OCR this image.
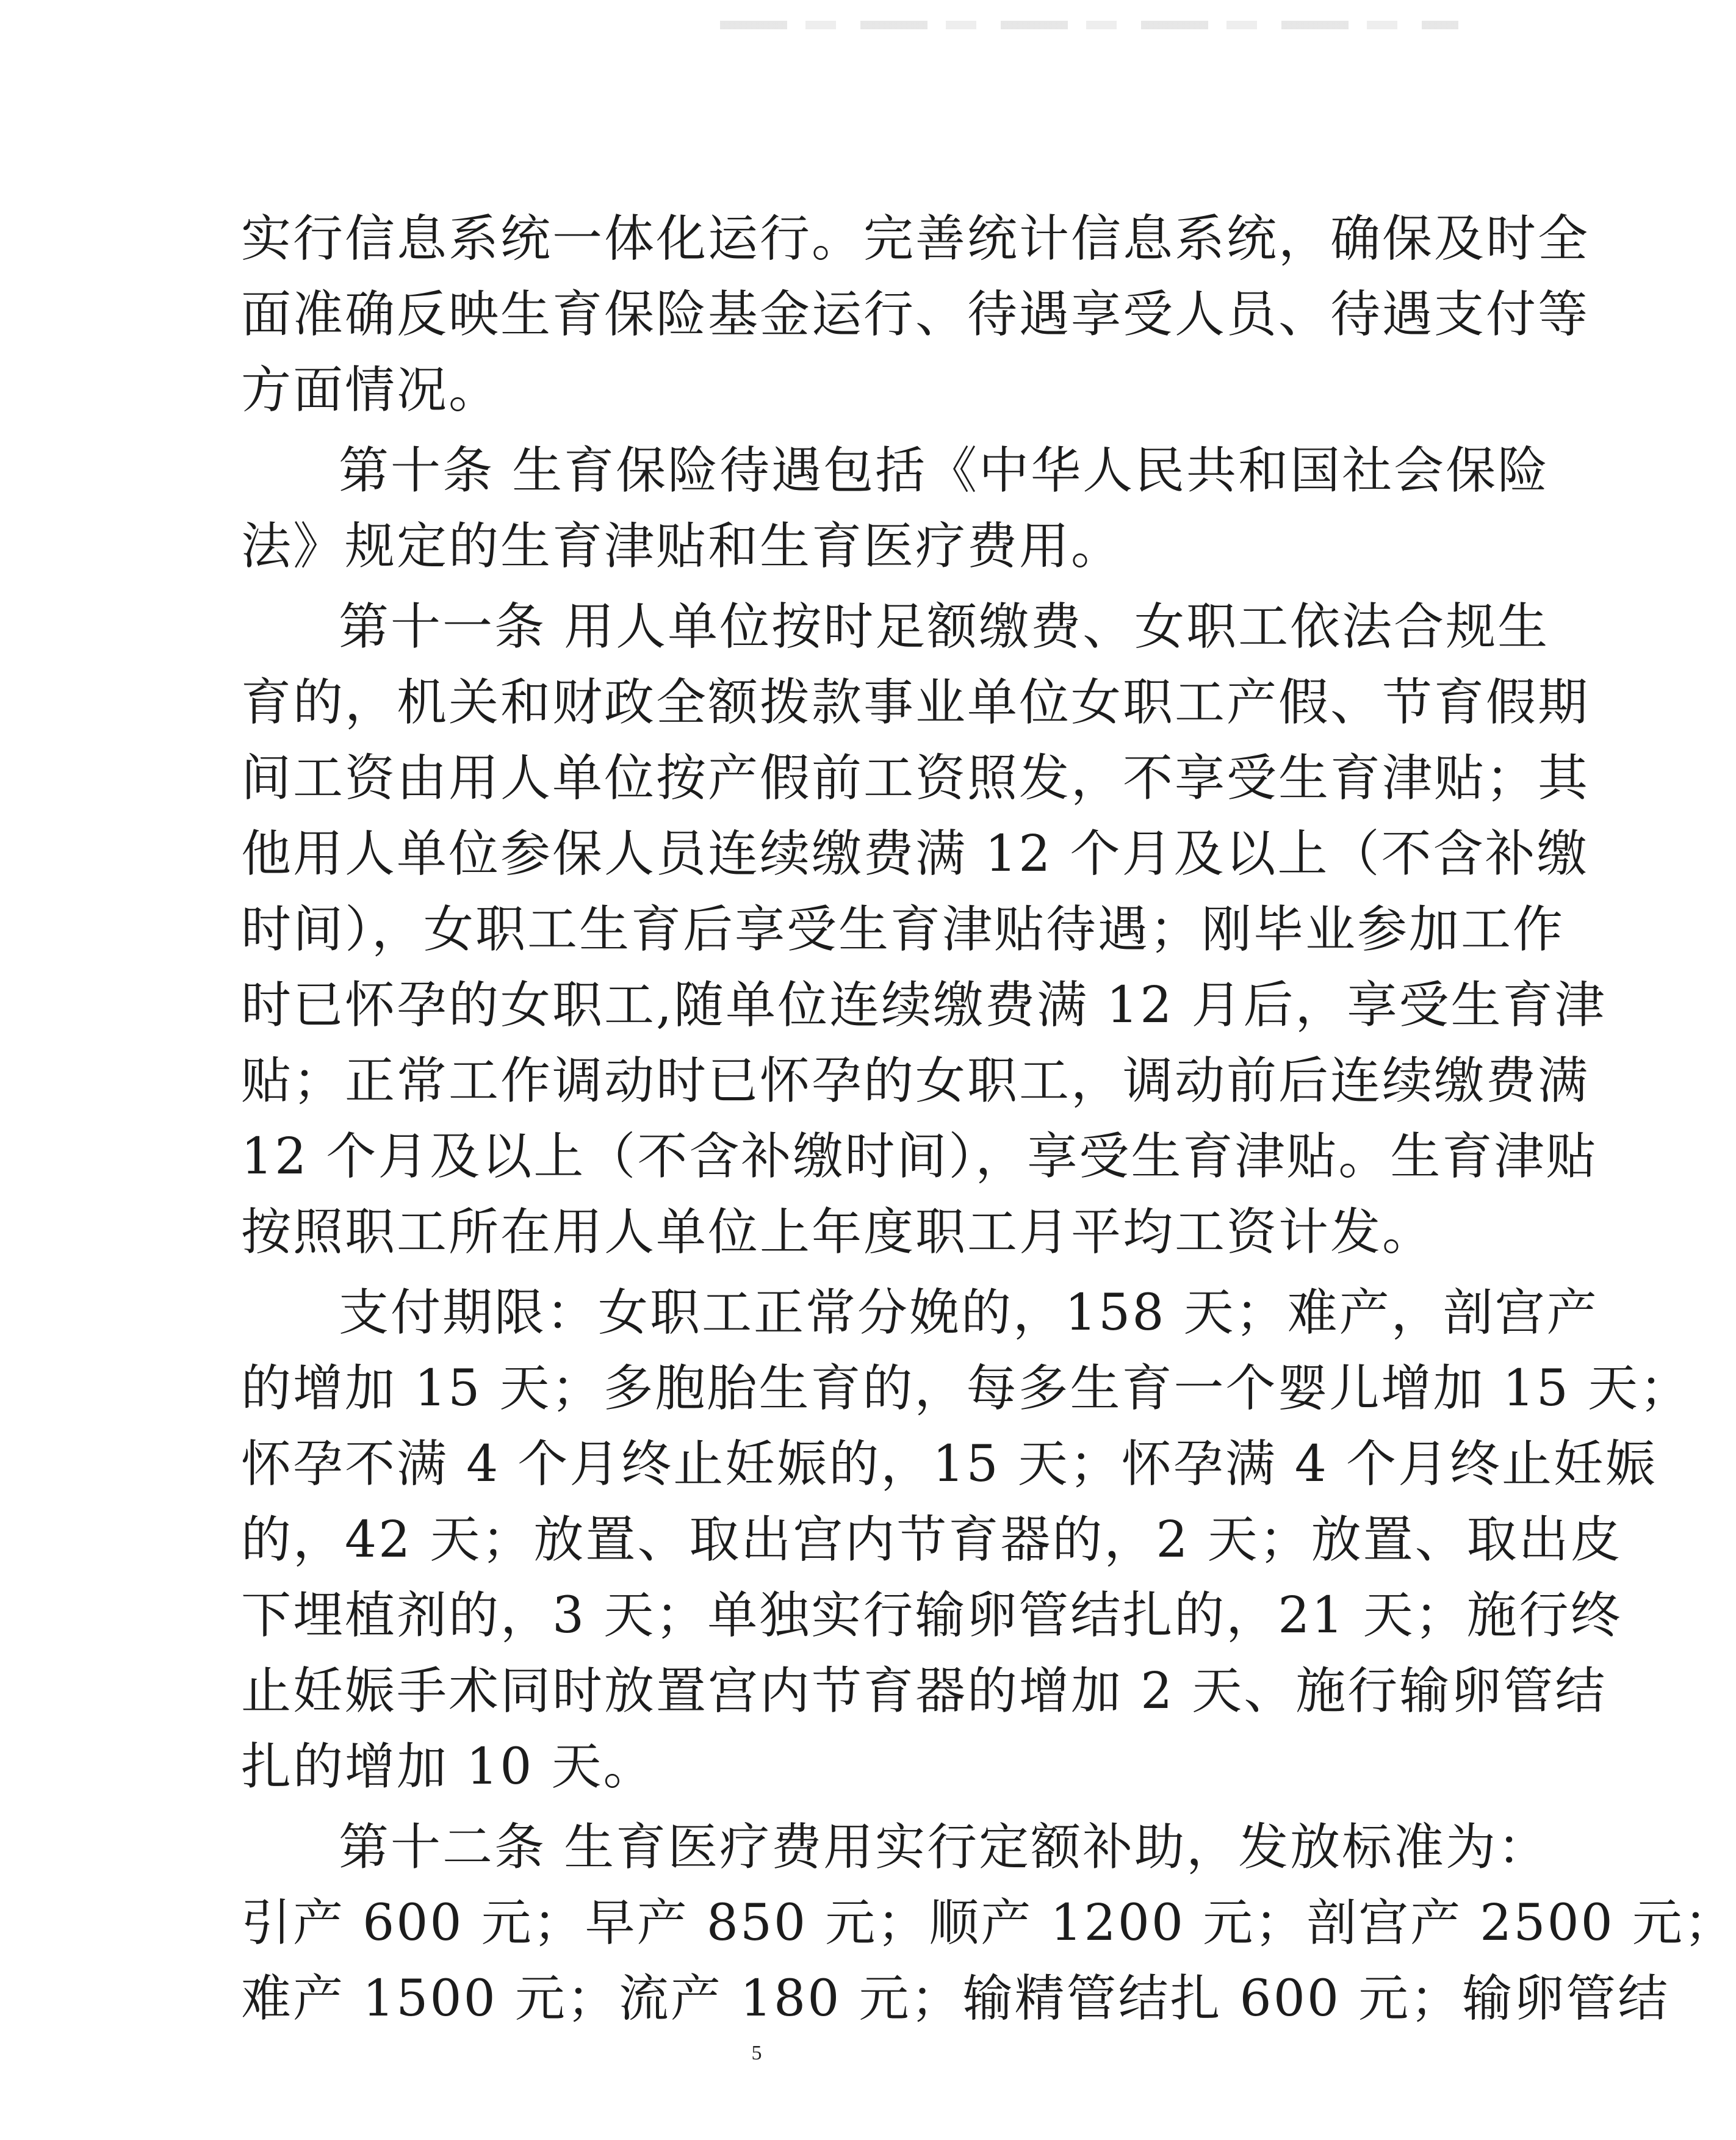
实行信息系统一体化运行。完善统计信息系统，确保及时全
面准确反映生育保险基金运行、待遇享受人员、待遇支付等
方面情况。
第十条 生育保险待遇包括《中华人民共和国社会保险
法》规定的生育津贴和生育医疗费用。
第十一条 用人单位按时足额缴费、女职工依法合规生
育的，机关和财政全额拨款事业单位女职工产假、节育假期
间工资由用人单位按产假前工资照发，不享受生育津贴；其
他用人单位参保人员连续缴费满 12 个月及以上（不含补缴
时间），女职工生育后享受生育津贴待遇；刚毕业参加工作
时已怀孕的女职工,随单位连续缴费满 12 月后，享受生育津
贴；正常工作调动时已怀孕的女职工，调动前后连续缴费满
12 个月及以上（不含补缴时间），享受生育津贴。生育津贴
按照职工所在用人单位上年度职工月平均工资计发。
支付期限：女职工正常分娩的，158 天；难产，剖宫产
的增加 15 天；多胞胎生育的，每多生育一个婴儿增加 15 天；
怀孕不满 4 个月终止妊娠的，15 天；怀孕满 4 个月终止妊娠
的，42 天；放置、取出宫内节育器的，2 天；放置、取出皮
下埋植剂的，3 天；单独实行输卵管结扎的，21 天；施行终
止妊娠手术同时放置宫内节育器的增加 2 天、施行输卵管结
扎的增加 10 天。
第十二条 生育医疗费用实行定额补助，发放标准为：
引产 600 元；早产 850 元；顺产 1200 元；剖宫产 2500 元；
难产 1500 元；流产 180 元；输精管结扎 600 元；输卵管结
5
